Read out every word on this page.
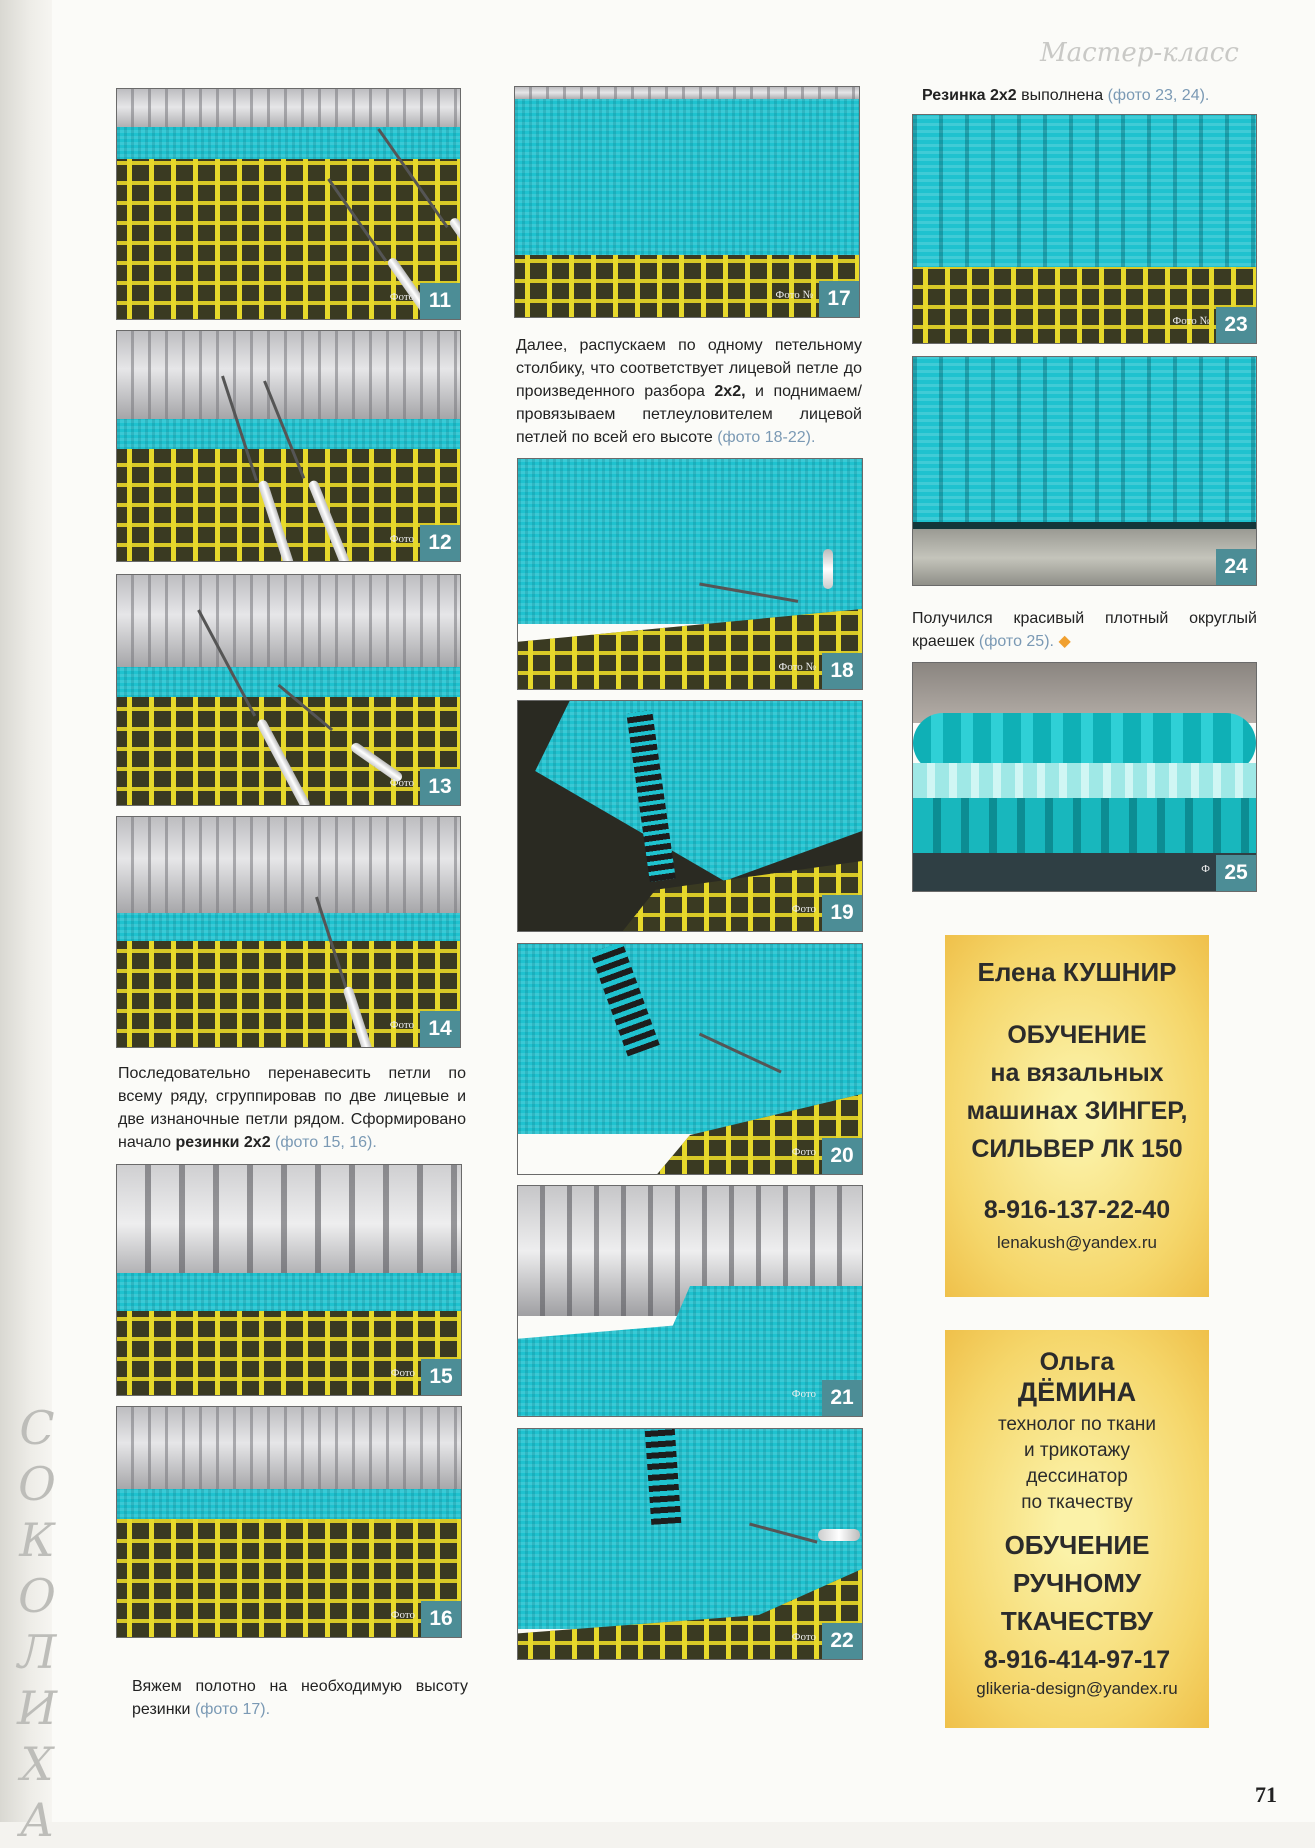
Мастер-класс
С
О
К
О
Л
И
Х
А
Фото 11
Фото 12
Фото 13
Фото 14
Последовательно перенавесить петли по всему ряду, сгруппировав по две лицевые и две изнаночные петли рядом. Сформировано начало резинки 2х2 (фото 15, 16).
Фото 15
Фото 16
Вяжем полотно на необходимую высоту резинки (фото 17).
Фото № 17
Далее, распускаем по одному петельному столбику, что соответствует лицевой петле до произведенного разбора 2х2, и поднимаем/провязываем петлеуловителем лицевой петлей по всей его высоте (фото 18-22).
Фото № 18
Фото 19
Фото 20
Фото 21
Фото 22
Резинка 2х2 выполнена (фото 23, 24).
Фото № 23
24
Получился красивый плотный округлый краешек (фото 25). ◆
Ф 25
Елена КУШНИР
ОБУЧЕНИЕ
на вязальных
машинах ЗИНГЕР,
СИЛЬВЕР ЛК 150
8-916-137-22-40
lenakush@yandex.ru
Ольга
ДЁМИНА
технолог по ткани
и трикотажу
дессинатор
по ткачеству
ОБУЧЕНИЕ
РУЧНОМУ
ТКАЧЕСТВУ
8-916-414-97-17
glikeria-design@yandex.ru
71
